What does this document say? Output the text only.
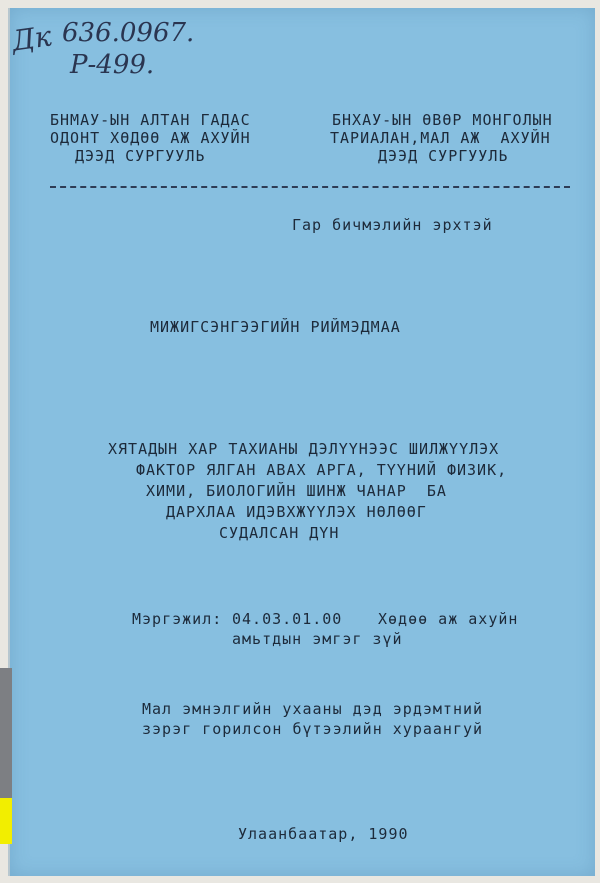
Дк 636.0967.
Р-499.
БНМАУ-ЫН АЛТАН ГАДАС
ОДОНТ ХӨДӨӨ АЖ АХУЙН
ДЭЭД СУРГУУЛЬ
БНХАУ-ЫН ӨВӨР МОНГОЛЫН
ТАРИАЛАН,МАЛ АЖ  АХУЙН
ДЭЭД СУРГУУЛЬ
Гар бичмэлийн эрхтэй
МИЖИГСЭНГЭЭГИЙН РИЙМЭДМАА
ХЯТАДЫН ХАР ТАХИАНЫ ДЭЛҮҮНЭЭС ШИЛЖҮҮЛЭХ
ФАКТОР ЯЛГАН АВАХ АРГА, ТҮҮНИЙ ФИЗИК,
ХИМИ, БИОЛОГИЙН ШИНЖ ЧАНАР  БА
ДАРХЛАА ИДЭВХЖҮҮЛЭХ НӨЛӨӨГ
СУДАЛСАН ДҮН
Мэргэжил: 04.03.01.00 Хөдөө аж ахуйн
амьтдын эмгэг зүй
Мал эмнэлгийн ухааны дэд эрдэмтний
зэрэг горилсон бүтээлийн хураангуй
Улаанбаатар, 1990
